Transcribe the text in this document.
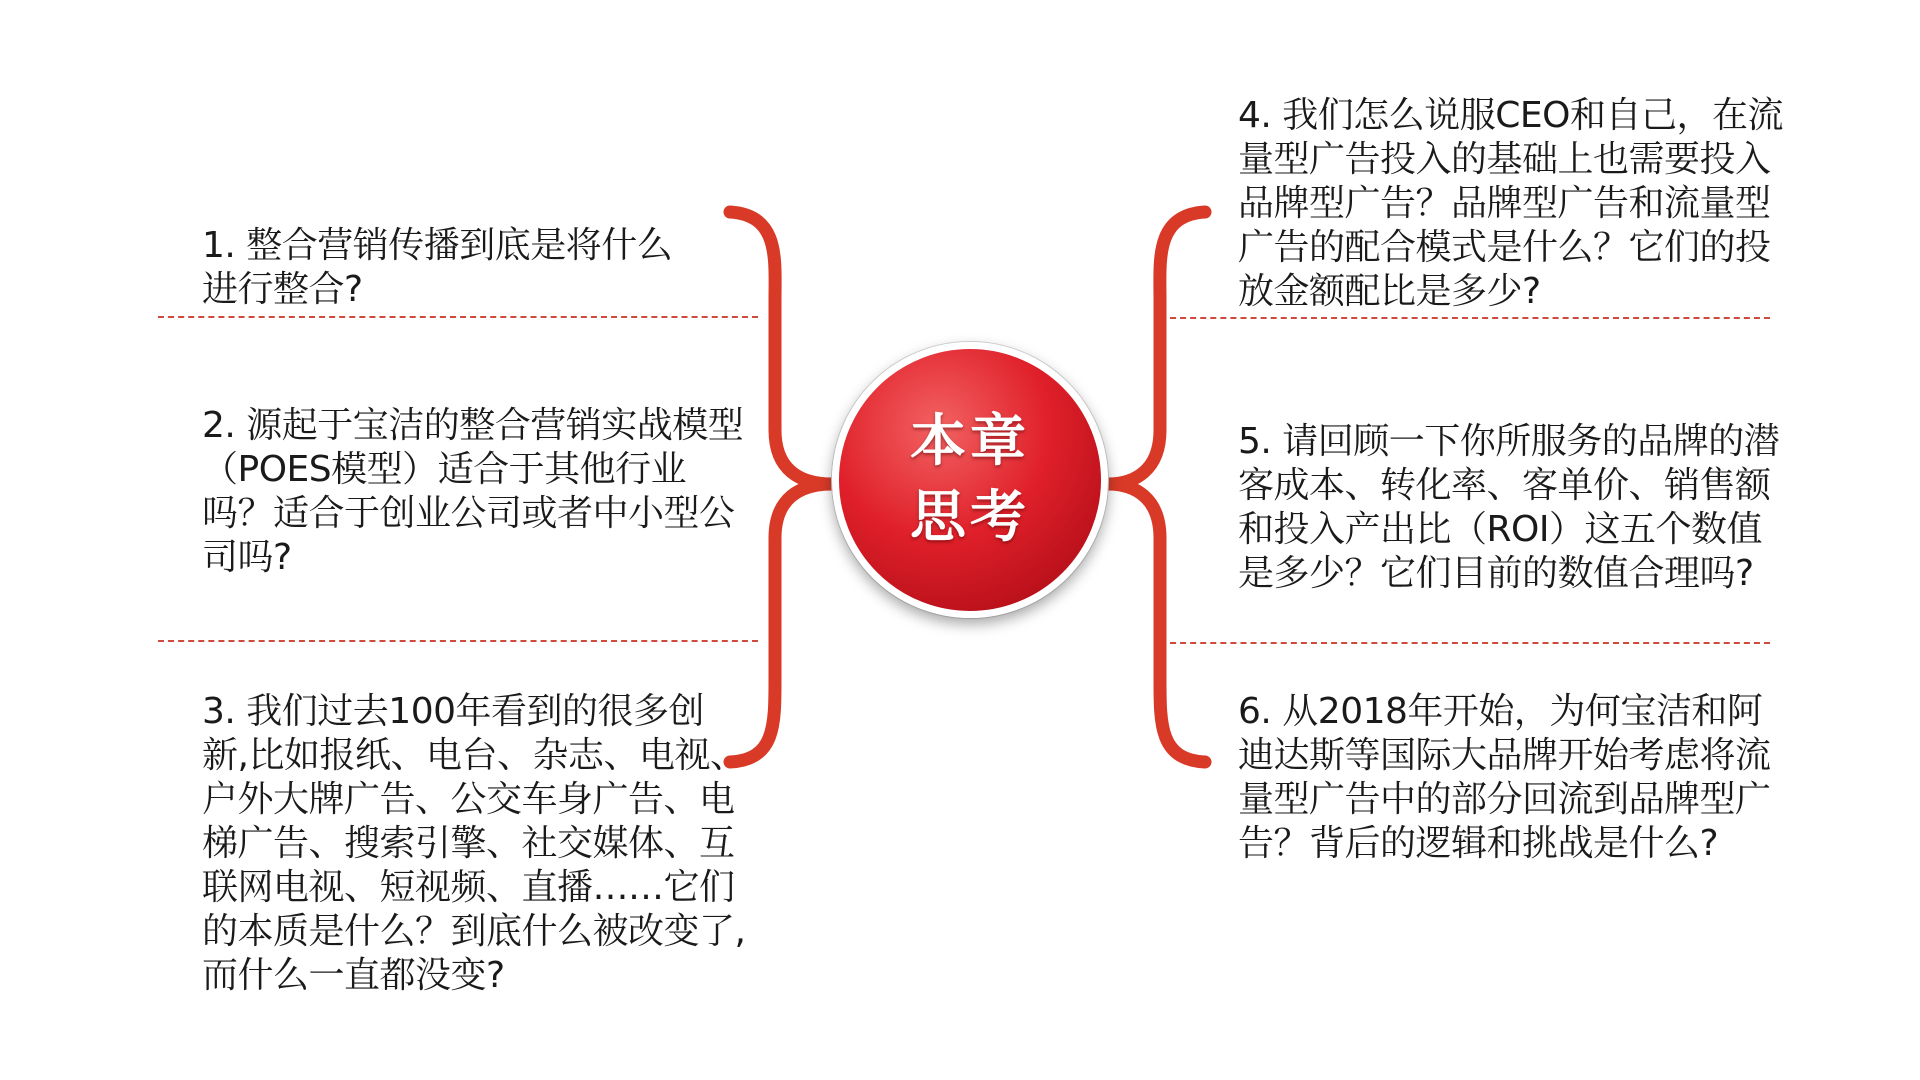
1. 整合营销传播到底是将什么进行整合?

2. 源起于宝洁的整合营销实战模型（POES模型）适合于其他行业吗？适合于创业公司或者中小型公司吗?

3. 我们过去100年看到的很多创新,比如报纸、电台、杂志、电视、户外大牌广告、公交车身广告、电梯广告、搜索引擎、社交媒体、互联网电视、短视频、直播……它们的本质是什么？到底什么被改变了,而什么一直都没变?

4. 我们怎么说服CEO和自己，在流量型广告投入的基础上也需要投入品牌型广告？品牌型广告和流量型广告的配合模式是什么？它们的投放金额配比是多少?

5. 请回顾一下你所服务的品牌的潜客成本、转化率、客单价、销售额和投入产出比（ROI）这五个数值是多少？它们目前的数值合理吗?

6. 从2018年开始，为何宝洁和阿迪达斯等国际大品牌开始考虑将流量型广告中的部分回流到品牌型广告？背后的逻辑和挑战是什么?

本章
思考
